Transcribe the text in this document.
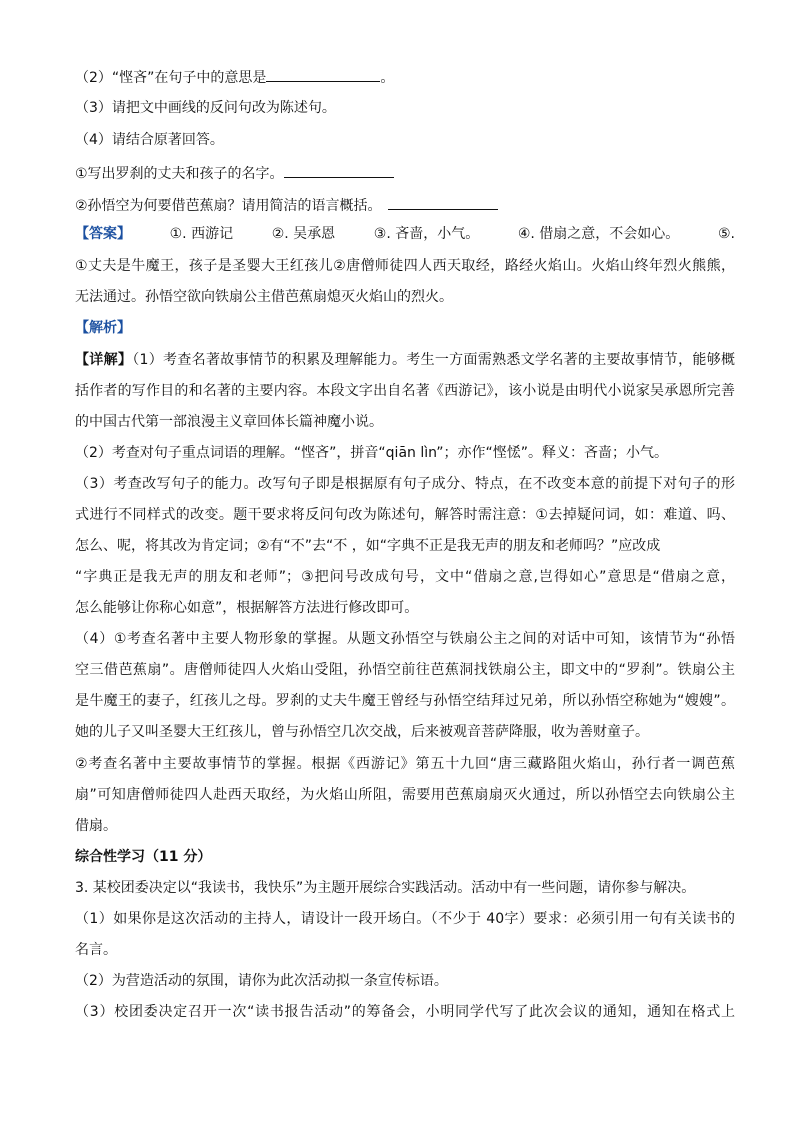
（2）“悭吝”在句子中的意思是	。
（3）请把文中画线的反问句改为陈述句。
（4）请结合原著回答。
①写出罗刹的丈夫和孩子的名字。
②孙悟空为何要借芭蕉扇？请用简洁的语言概括。
【答案】	①. 西游记	②. 吴承恩	③. 吝啬，小气。	④. 借扇之意，不会如心。	⑤.
①丈夫是牛魔王，孩子是圣婴大王红孩儿②唐僧师徒四人西天取经，路经火焰山。火焰山终年烈火熊熊，
无法通过。孙悟空欲向铁扇公主借芭蕉扇熄灭火焰山的烈火。
【解析】
【详解】（1）考查名著故事情节的积累及理解能力。考生一方面需熟悉文学名著的主要故事情节，能够概
括作者的写作目的和名著的主要内容。本段文字出自名著《西游记》，该小说是由明代小说家吴承恩所完善
的中国古代第一部浪漫主义章回体长篇神魔小说。
（2）考查对句子重点词语的理解。“悭吝”，拼音“qiān lìn”；亦作“悭恡”。释义：吝啬；小气。
（3）考查改写句子的能力。改写句子即是根据原有句子成分、特点，在不改变本意的前提下对句子的形
式进行不同样式的改变。题干要求将反问句改为陈述句，解答时需注意：①去掉疑问词，如：难道、吗、
怎么、呢，将其改为肯定词；②有“不”去“不 ，如“字典不正是我无声的朋友和老师吗？”应改成
“字典正是我无声的朋友和老师”；③把问号改成句号，文中“借扇之意,岂得如心”意思是“借扇之意，
怎么能够让你称心如意”，根据解答方法进行修改即可。
（4）①考查名著中主要人物形象的掌握。从题文孙悟空与铁扇公主之间的对话中可知，该情节为“孙悟
空三借芭蕉扇”。唐僧师徒四人火焰山受阻，孙悟空前往芭蕉洞找铁扇公主，即文中的“罗刹”。铁扇公主
是牛魔王的妻子，红孩儿之母。罗刹的丈夫牛魔王曾经与孙悟空结拜过兄弟，所以孙悟空称她为“嫂嫂”。
她的儿子又叫圣婴大王红孩儿，曾与孙悟空几次交战，后来被观音菩萨降服，收为善财童子。
②考查名著中主要故事情节的掌握。根据《西游记》第五十九回“唐三藏路阻火焰山，孙行者一调芭蕉
扇”可知唐僧师徒四人赴西天取经，为火焰山所阻，需要用芭蕉扇扇灭火通过，所以孙悟空去向铁扇公主
借扇。
综合性学习（11 分）
3. 某校团委决定以“我读书，我快乐”为主题开展综合实践活动。活动中有一些问题，请你参与解决。
（1）如果你是这次活动的主持人，请设计一段开场白。（不少于 40字）要求：必须引用一句有关读书的
名言。
（2）为营造活动的氛围，请你为此次活动拟一条宣传标语。
（3）校团委决定召开一次“读书报告活动”的筹备会，小明同学代写了此次会议的通知，通知在格式上
